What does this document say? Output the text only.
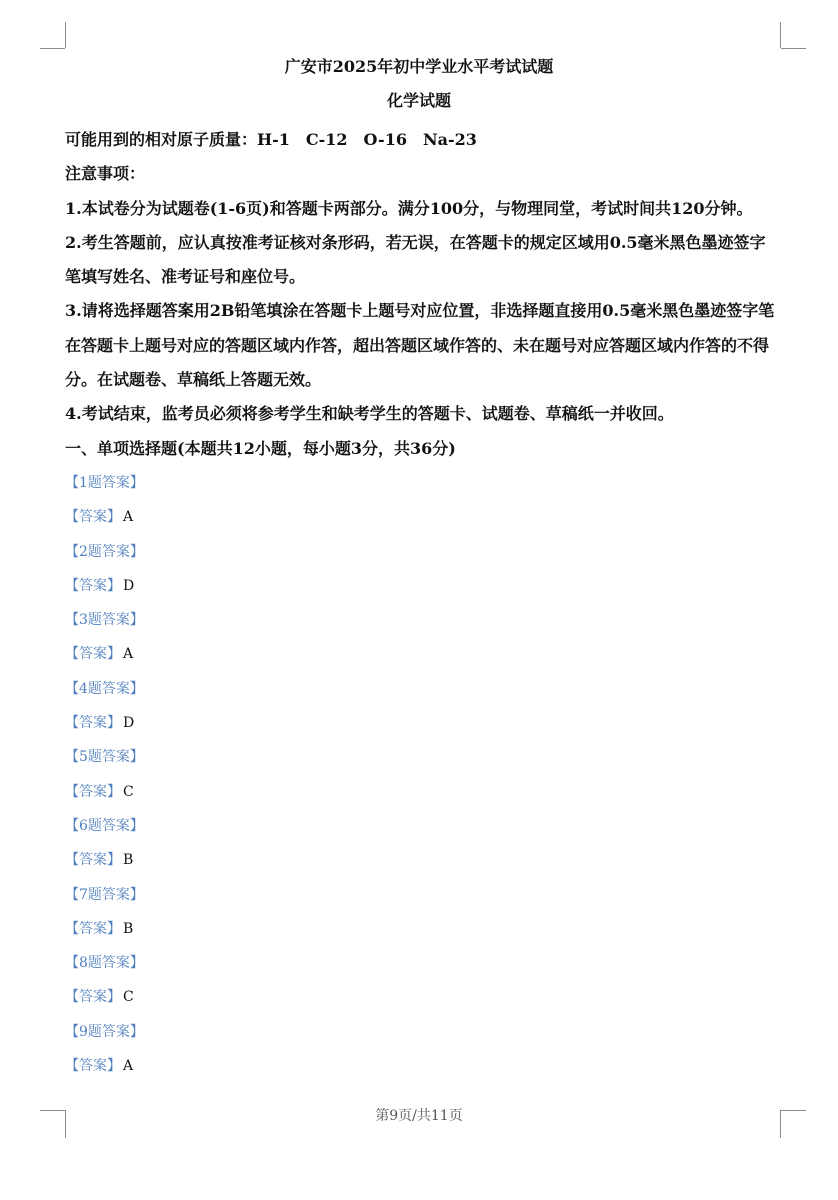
广安市2025年初中学业水平考试试题
化学试题

可能用到的相对原子质量：H-1　C-12　O-16　Na-23

注意事项：

1.本试卷分为试题卷(1-6页)和答题卡两部分。满分100分，与物理同堂，考试时间共120分钟。

2.考生答题前，应认真按准考证核对条形码，若无误，在答题卡的规定区域用0.5毫米黑色墨迹签字笔填写姓名、准考证号和座位号。

3.请将选择题答案用2B铅笔填涂在答题卡上题号对应位置，非选择题直接用0.5毫米黑色墨迹签字笔在答题卡上题号对应的答题区域内作答，超出答题区域作答的、未在题号对应答题区域内作答的不得分。在试题卷、草稿纸上答题无效。

4.考试结束，监考员必须将参考学生和缺考学生的答题卡、试题卷、草稿纸一并收回。

一、单项选择题(本题共12小题，每小题3分，共36分)

【1题答案】

【答案】 A

【2题答案】

【答案】 D

【3题答案】

【答案】 A

【4题答案】

【答案】 D

【5题答案】

【答案】 C

【6题答案】

【答案】 B

【7题答案】

【答案】 B

【8题答案】

【答案】 C

【9题答案】

【答案】 A

第9页/共11页
